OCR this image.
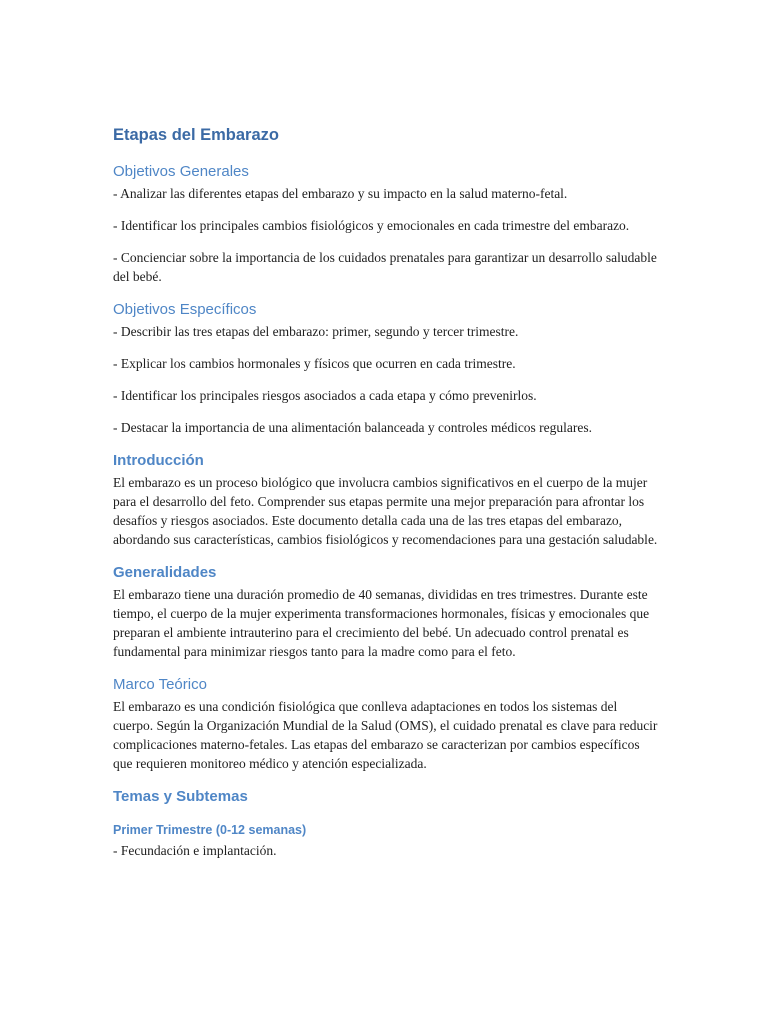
Etapas del Embarazo
Objetivos Generales

- Analizar las diferentes etapas del embarazo y su impacto en la salud materno-fetal.

- Identificar los principales cambios fisiológicos y emocionales en cada trimestre del embarazo.

- Concienciar sobre la importancia de los cuidados prenatales para garantizar un desarrollo saludable del bebé.

Objetivos Específicos

- Describir las tres etapas del embarazo: primer, segundo y tercer trimestre.

- Explicar los cambios hormonales y físicos que ocurren en cada trimestre.

- Identificar los principales riesgos asociados a cada etapa y cómo prevenirlos.

- Destacar la importancia de una alimentación balanceada y controles médicos regulares.

Introducción

El embarazo es un proceso biológico que involucra cambios significativos en el cuerpo de la mujer para el desarrollo del feto. Comprender sus etapas permite una mejor preparación para afrontar los desafíos y riesgos asociados. Este documento detalla cada una de las tres etapas del embarazo, abordando sus características, cambios fisiológicos y recomendaciones para una gestación saludable.

Generalidades

El embarazo tiene una duración promedio de 40 semanas, divididas en tres trimestres. Durante este tiempo, el cuerpo de la mujer experimenta transformaciones hormonales, físicas y emocionales que preparan el ambiente intrauterino para el crecimiento del bebé. Un adecuado control prenatal es fundamental para minimizar riesgos tanto para la madre como para el feto.

Marco Teórico

El embarazo es una condición fisiológica que conlleva adaptaciones en todos los sistemas del cuerpo. Según la Organización Mundial de la Salud (OMS), el cuidado prenatal es clave para reducir complicaciones materno-fetales. Las etapas del embarazo se caracterizan por cambios específicos que requieren monitoreo médico y atención especializada.

Temas y Subtemas
Primer Trimestre (0-12 semanas)

- Fecundación e implantación.
